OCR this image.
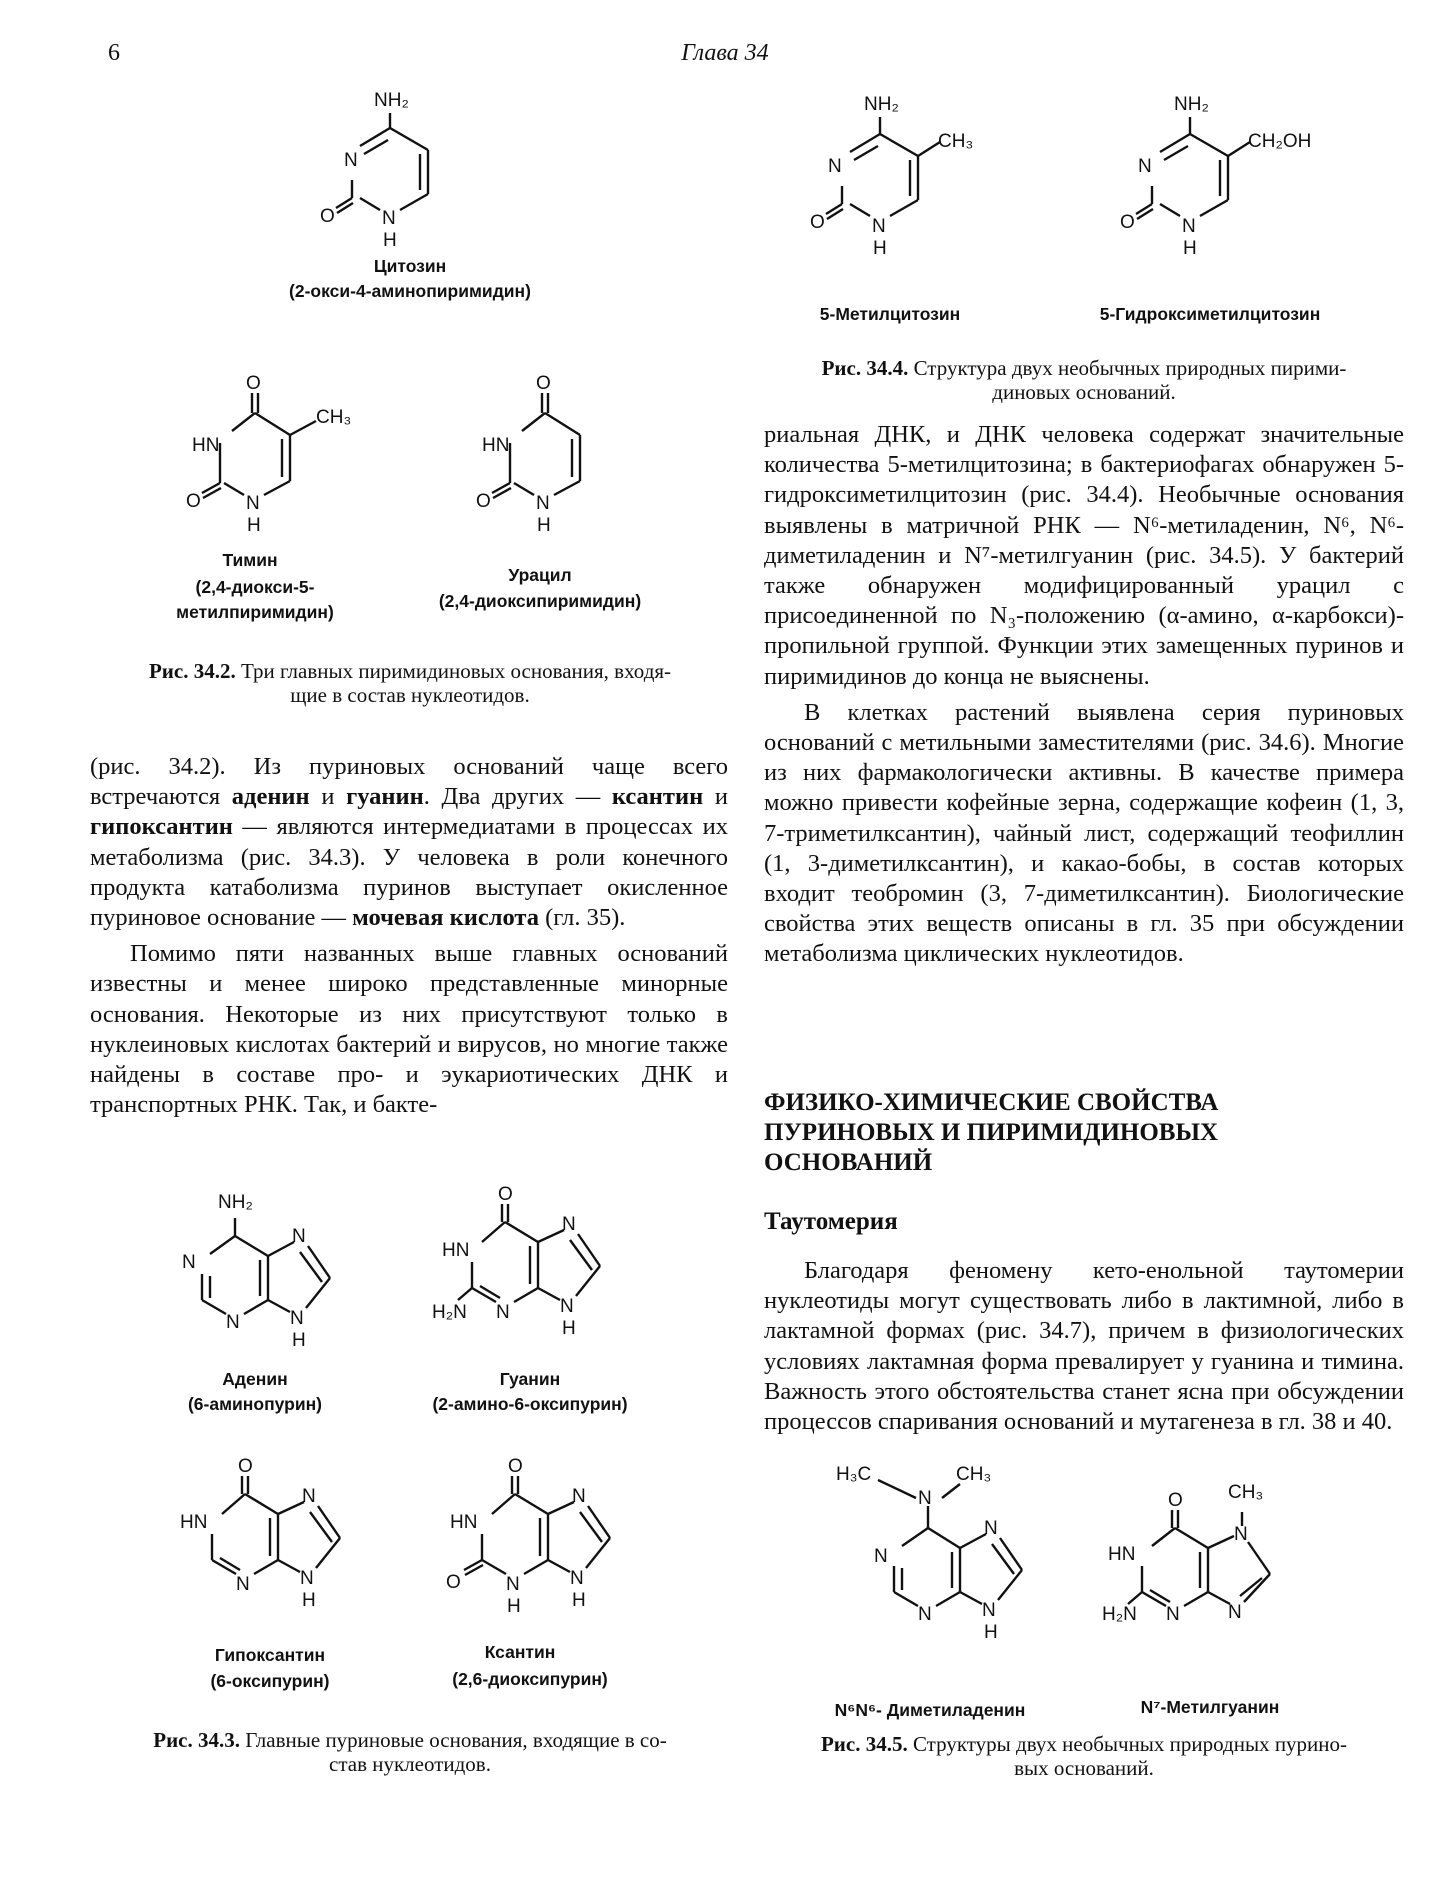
6	Глава 34
NH₂
N
N
H
O
Цитозин
(2-окси-4-аминопиримидин)
O
CH₃
HN
N
H
O
Тимин
(2,4-диокси-5-
метилпиримидин)
O
HN
N
H
O
Урацил
(2,4-диоксипиримидин)
Рис. 34.2. Три главных пиримидиновых основания, входя-
щие в состав нуклеотидов.
NH₂
CH₃
N
N
H
O
NH₂
CH₂OH
N
N
H
O
5-Метилцитозин	5-Гидроксиметилцитозин
Рис. 34.4. Структура двух необычных природных пирими-
диновых оснований.

(рис. 34.2). Из пуриновых оснований чаще всего встречаются аденин и гуанин. Два других — ксантин и гипоксантин — являются интермедиатами в процессах их метаболизма (рис. 34.3). У человека в роли конечного продукта катаболизма пуринов выступает окисленное пуриновое основание — мочевая кислота (гл. 35).

Помимо пяти названных выше главных оснований известны и менее широко представленные минорные основания. Некоторые из них присутствуют только в нуклеиновых кислотах бактерий и вирусов, но многие также найдены в составе про- и эукариотических ДНК и транспортных РНК. Так, и бакте-

риальная ДНК, и ДНК человека содержат значительные количества 5-метилцитозина; в бактериофагах обнаружен 5-гидроксиметилцитозин (рис. 34.4). Необычные основания выявлены в матричной РНК — N⁶-метиладенин, N⁶, N⁶-диметиладенин и N⁷-метилгуанин (рис. 34.5). У бактерий также обнаружен модифицированный урацил с присоединенной по N₃-положению (α-амино, α-карбокси)-пропильной группой. Функции этих замещенных пуринов и пиримидинов до конца не выяснены.

В клетках растений выявлена серия пуриновых оснований с метильными заместителями (рис. 34.6). Многие из них фармакологически активны. В качестве примера можно привести кофейные зерна, содержащие кофеин (1, 3, 7-триметилксантин), чайный лист, содержащий теофиллин (1, 3-диметилксантин), и какао-бобы, в состав которых входит теобромин (3, 7-диметилксантин). Биологические свойства этих веществ описаны в гл. 35 при обсуждении метаболизма циклических нуклеотидов.

ФИЗИКО-ХИМИЧЕСКИЕ СВОЙСТВА ПУРИНОВЫХ И ПИРИМИДИНОВЫХ ОСНОВАНИЙ
Таутомерия

Благодаря феномену кето-енольной таутомерии нуклеотиды могут существовать либо в лактимной, либо в лактамной формах (рис. 34.7), причем в физиологических условиях лактамная форма превалирует у гуанина и тимина. Важность этого обстоятельства станет ясна при обсуждении процессов спаривания оснований и мутагенеза в гл. 38 и 40.

NH₂
N
N
N
N
H
Аденин
(6-аминопурин)
O
HN
H₂N N
N
N
H
Гуанин
(2-амино-6-оксипурин)
O
HN
N
N
N
H
Гипоксантин
(6-оксипурин)
O
HN
O N
H
N
N
H
Ксантин
(2,6-диоксипурин)
Рис. 34.3. Главные пуриновые основания, входящие в со-
став нуклеотидов.
H₃C
N
CH₃
N
N
N
N
H
O CH₃
N
HN
H₂N N	N
N⁶N⁶- Диметиладенин	N⁷-Метилгуанин
Рис. 34.5. Структуры двух необычных природных пурино-
вых оснований.
